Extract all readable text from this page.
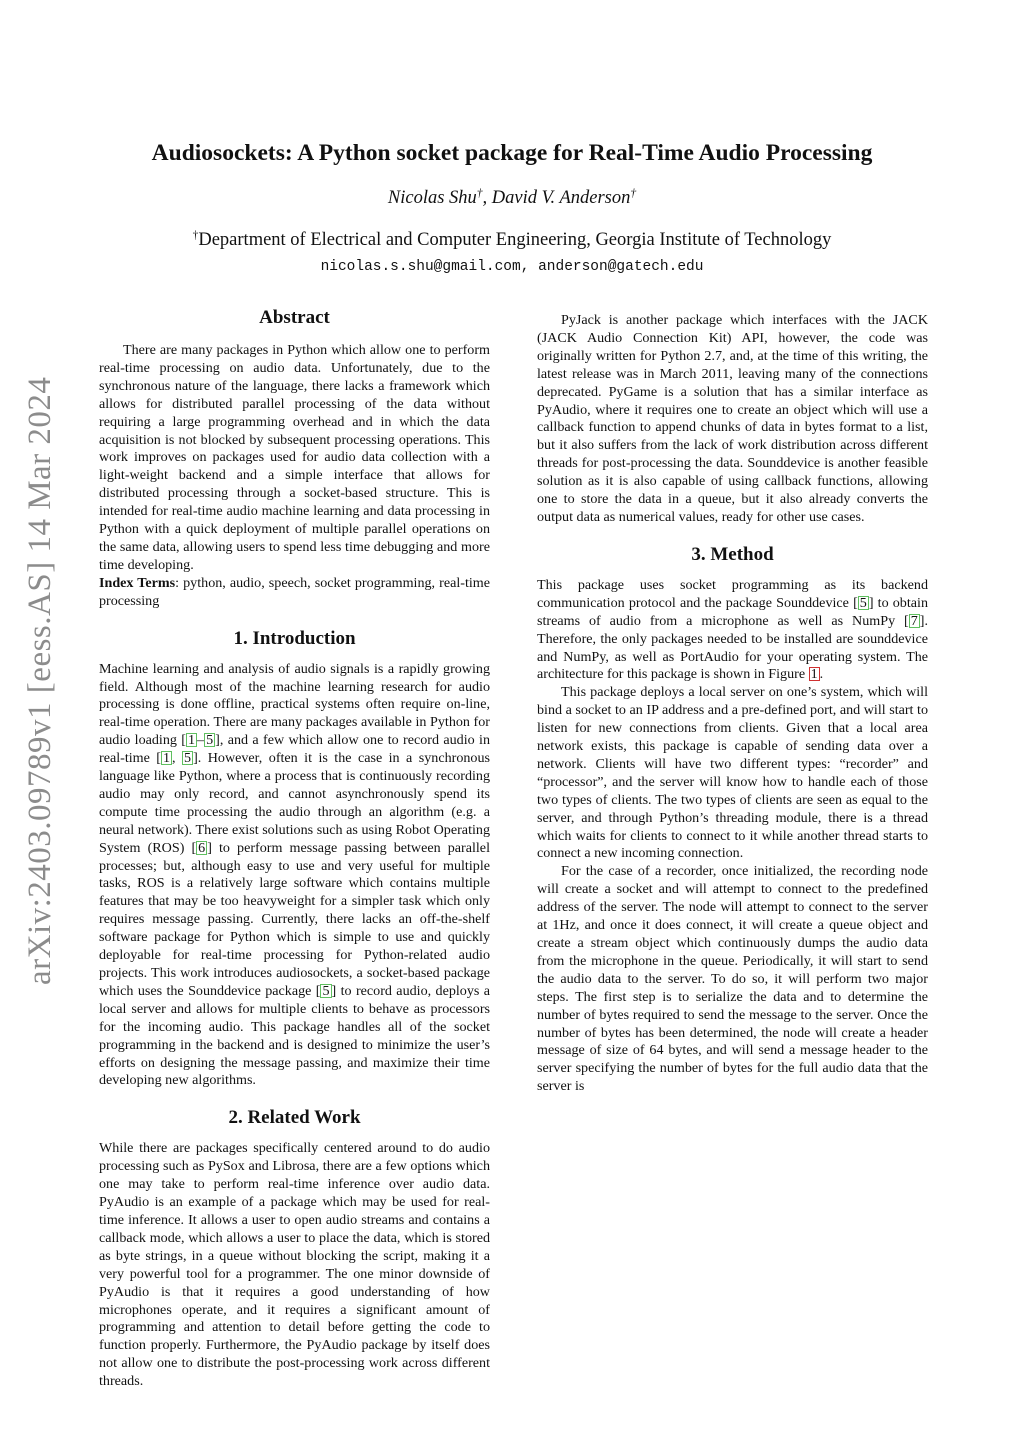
arXiv:2403.09789v1 [eess.AS] 14 Mar 2024
Audiosockets: A Python socket package for Real-Time Audio Processing
Nicolas Shu†, David V. Anderson†
†Department of Electrical and Computer Engineering, Georgia Institute of Technology
nicolas.s.shu@gmail.com, anderson@gatech.edu
Abstract

There are many packages in Python which allow one to perform real-time processing on audio data. Unfortunately, due to the synchronous nature of the language, there lacks a framework which allows for distributed parallel processing of the data without requiring a large programming overhead and in which the data acquisition is not blocked by subsequent processing operations. This work improves on packages used for audio data collection with a light-weight backend and a simple interface that allows for distributed processing through a socket-based structure. This is intended for real-time audio machine learning and data processing in Python with a quick deployment of multiple parallel operations on the same data, allowing users to spend less time debugging and more time developing.

Index Terms: python, audio, speech, socket programming, real-time processing

1. Introduction

Machine learning and analysis of audio signals is a rapidly growing field. Although most of the machine learning research for audio processing is done offline, practical systems often require on-line, real-time operation. There are many packages available in Python for audio loading [ 1 – 5 ], and a few which allow one to record audio in real-time [ 1 , 5 ]. However, often it is the case in a synchronous language like Python, where a process that is continuously recording audio may only record, and cannot asynchronously spend its compute time processing the audio through an algorithm (e.g. a neural network). There exist solutions such as using Robot Operating System (ROS) [ 6 ] to perform message passing between parallel processes; but, although easy to use and very useful for multiple tasks, ROS is a relatively large software which contains multiple features that may be too heavyweight for a simpler task which only requires message passing. Currently, there lacks an off-the-shelf software package for Python which is simple to use and quickly deployable for real-time processing for Python-related audio projects. This work introduces audiosockets, a socket-based package which uses the Sounddevice package [ 5 ] to record audio, deploys a local server and allows for multiple clients to behave as processors for the incoming audio. This package handles all of the socket programming in the backend and is designed to minimize the user’s efforts on designing the message passing, and maximize their time developing new algorithms.

2. Related Work

While there are packages specifically centered around to do audio processing such as PySox and Librosa, there are a few options which one may take to perform real-time inference over audio data. PyAudio is an example of a package which may be used for real-time inference. It allows a user to open audio streams and contains a callback mode, which allows a user to place the data, which is stored as byte strings, in a queue without blocking the script, making it a very powerful tool for a programmer. The one minor downside of PyAudio is that it requires a good understanding of how microphones operate, and it requires a significant amount of programming and attention to detail before getting the code to function properly. Furthermore, the PyAudio package by itself does not allow one to distribute the post-processing work across different threads.

PyJack is another package which interfaces with the JACK (JACK Audio Connection Kit) API, however, the code was originally written for Python 2.7, and, at the time of this writing, the latest release was in March 2011, leaving many of the connections deprecated. PyGame is a solution that has a similar interface as PyAudio, where it requires one to create an object which will use a callback function to append chunks of data in bytes format to a list, but it also suffers from the lack of work distribution across different threads for post-processing the data. Sounddevice is another feasible solution as it is also capable of using callback functions, allowing one to store the data in a queue, but it also already converts the output data as numerical values, ready for other use cases.

3. Method

This package uses socket programming as its backend communication protocol and the package Sounddevice [ 5 ] to obtain streams of audio from a microphone as well as NumPy [ 7 ]. Therefore, the only packages needed to be installed are sounddevice and NumPy, as well as PortAudio for your operating system. The architecture for this package is shown in Figure 1 .

This package deploys a local server on one’s system, which will bind a socket to an IP address and a pre-defined port, and will start to listen for new connections from clients. Given that a local area network exists, this package is capable of sending data over a network. Clients will have two different types: “recorder” and “processor”, and the server will know how to handle each of those two types of clients. The two types of clients are seen as equal to the server, and through Python’s threading module, there is a thread which waits for clients to connect to it while another thread starts to connect a new incoming connection.

For the case of a recorder, once initialized, the recording node will create a socket and will attempt to connect to the predefined address of the server. The node will attempt to connect to the server at 1Hz, and once it does connect, it will create a queue object and create a stream object which continuously dumps the audio data from the microphone in the queue. Periodically, it will start to send the audio data to the server. To do so, it will perform two major steps. The first step is to serialize the data and to determine the number of bytes required to send the message to the server. Once the number of bytes has been determined, the node will create a header message of size of 64 bytes, and will send a message header to the server specifying the number of bytes for the full audio data that the server is
